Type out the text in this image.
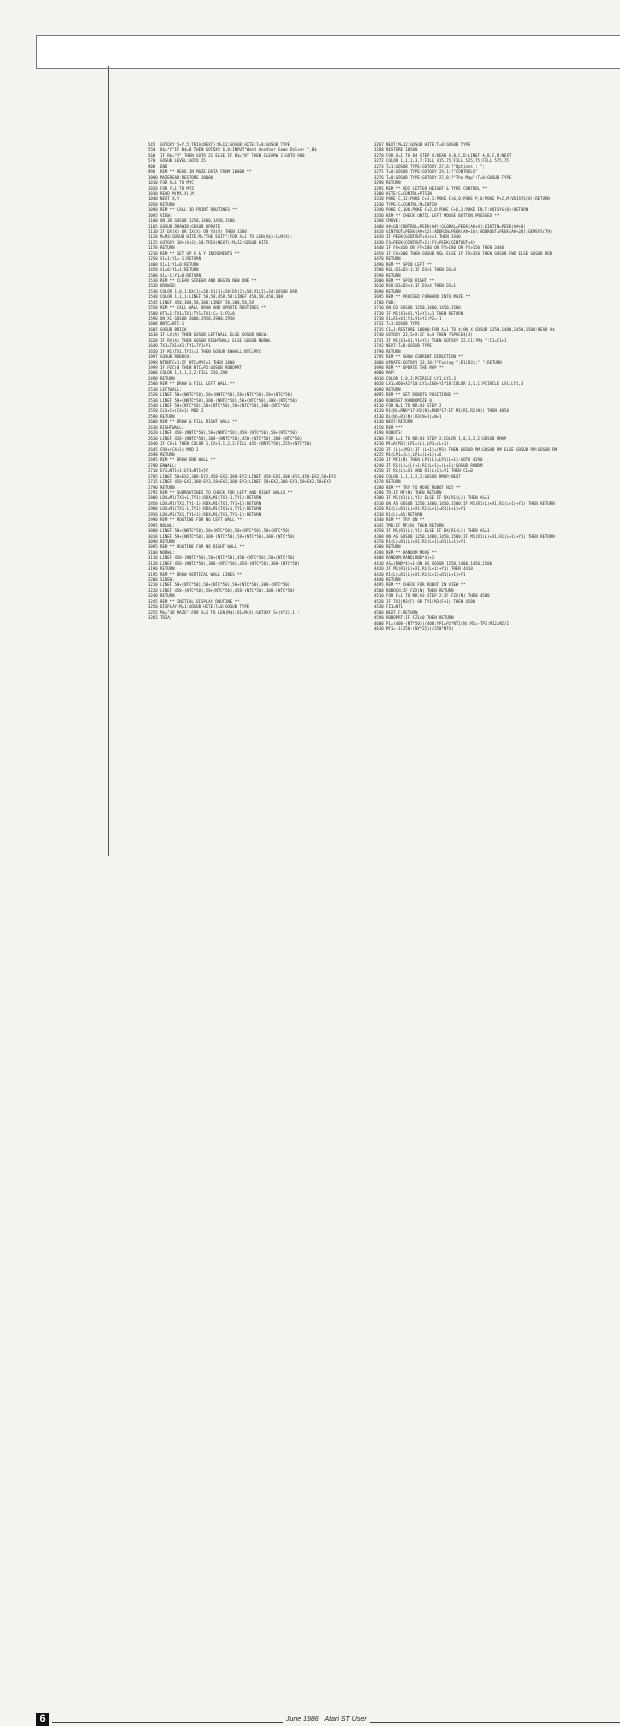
545  GOTOXY 5+Y,5:TRIA(NEXT):M=12:GOSUB HITE:T=8:GOSUB TYPE
550  B$="Y"IF B$=B THEN GOTOXY 6,8:INPUT"Want Another Game Dolver ",B$
560  IF B$="Y" THEN GOTO 21 ELSE IF B$="N" THEN CLEARW 2:GOTO 900
570  GOSUB LEVEL:GOTO 25
900  END
990  REM ** READ IN MAZE DATA FROM 10000 **
1000 MAZEREAD:RESTORE 10000
1010 FOR X=1 TO MYC
1020 FOR Y=1 TO MYZ
1030 READ M(MX,X),M
1040 NEXT X,Y
1050 RETURN
1090 REM ** CALL 3D PRINT ROUTINES **
1095 VIEW:
1100 ON 3D GOSUB 1250,1400,1450,1500
1105 GOSUB DRAW3D:GOSUB UPDATE
1110 IF DX(X) OR IX(X) OR YX(X) THEN 1300
1120 M=M3:GOSUB HITE:M="THE EXIT":FOR X=1 TO LEN(A$):C=M(X):
1125 GOTOXY 18+(X+3),10:TRIA(NEXT):M=12:GOSUB HITE
1170 RETURN
1210 REM ** SET UP X & Y INCREMENTS **
1250 X1=1:Y1=-1:RETURN
1400 X1=1:Y1=0:RETURN
1450 X1=0:Y1=1:RETURN
1500 X1=-1:Y1=0:RETURN
1510 REM ** CLEAR SCREEN AND BEGIN NEW ONE **
1520 DRAW3D:
1530 COLOR 1,0,1:DX(1)=58:X1(1)=58:DX(2)=58:X1(2)=34:GOSUB BAR
1540 COLOR 1,1,1:LINEF 58,58,458,58:LINEF 458,58,458,308
1545 LINEF 458,308,58,308:LINEF 58,308,58,58
1550 REM ** CALL WALL DRAW AND UPDATE ROUTINES **
1580 HT1=1:TX1=TX1:TY1=TX1:C=-1:P2=0
1590 ON X1 GOSUB 2000,2950,2900,2950
1600 NNTC=NTC-1
1605 GOSUB BRICK
1610 IF LX(A) THEN GOSUB LEFTWALL ELSE GOSUB NOLW.
1620 IF RX(A) THEN GOSUB RIGHTWALL ELSE GOSUB NORWL
1640 TX1=TX1+X1:TY1=TY1+Y1
1650 IF M1(TX1,TY1)=1 THEN GOSUB ENWALL:NTC=MYC
1997 GOSUB ROBOCH:
1998 NTDNTC+1:IF NTC=MYC+1 THEN 1800
1999 IF P2C(0 THEN NTC=P2:GOSUB ROBOPRT
2000 COLOR 1,1,1,2,2:FILL 250,290
2490 RETURN
2500 REM ** DRAW & FILL LEFT WALL **
2510 LEFTWALL:
2520 LINEF 58+(NNTC*50),58+(NNTC*50),58+(NTC*50),58+(NTC*50)
2530 LINEF 58+(NNTC*50),308-(NNTC*50),58+(NTC*50),308-(NTC*50)
2540 LINEF 58+(NTC*50),58+(NTC*50),58+(NTC*50),308-(NTC*50)
2550 CLS+1+(CX+1) MOD 2
2590 RETURN
2600 REM ** DRAW & FILL RIGHT WALL **
2610 RIGHTWALL:
2620 LINEF 458-(NNTC*50),58+(NNTC*50),458-(NTC*50),58+(NTC*50)
2630 LINEF 458-(NNTC*50),308-(NNTC*50),458-(NTC*50),308-(NTC*50)
2640 IF CX+1 THEN COLOR 1,CX+1,1,2,2:FILL 445-(NNTC*50),255+(NTC*50)
2645 CRX+(CX+1) MOD 2
2690 RETURN
2695 REM ** DRAW END WALL **
2700 ENWALL:
2710 EY2=NT1+1:EY3=NT1+5Y
2705 LINEF 58+EX2,308-EY2,458-EX2,308-EY2:LINEF 458-EX2,308-EY2,458-EX2,58+EY3
2715 LINEF 458-EX2,308-EY3,58+EX2,308-EY3:LINEF 58+EX2,308-EY3,58+EX2,58+EY2
2790 RETURN
2795 REM ** SUBROUTINES TO CHECK FOR LEFT AND RIGHT WALLS **
2800 LDX=M1(TX1+1,TY1):RDX=M1(TX1-1,TY1):RETURN
2850 LDX=M1(TX1,TY1-1):RDX=M1(TX1,TY1+1):RETURN
2900 LDX=M1(TX1-1,TY1):RDX=M1(TX1+1,TY1):RETURN
2950 LDX=M1(TX1,TY1+1):RDX=M1(TX1,TY1-1):RETURN
2990 REM ** ROUTINE FOR NO LEFT WALL **
2995 NOLWL:
3000 LINEF 58+(NNTC*50),58+(NTC*50),58+(NTC*50),58+(NTC*50)
3010 LINEF 58+(NNTC*50),308-(NTC*50),58+(NTC*50),308-(NTC*50)
3090 RETURN
3095 REM ** ROUTINE FOR NO RIGHT WALL **
3100 NORWL:
3110 LINEF 458-(NNTC*50),58+(NTC*50),458-(NTC*50),58+(NTC*50)
3120 LINEF 458-(NNTC*50),308-(NTC*50),458-(NTC*50),308-(NTC*50)
3190 RETURN
3195 REM ** DRAW VERTICAL WALL LINES **
3200 SIDEW:
3210 LINEF 58+(NTC*50),58+(NTC*50),58+(NTC*50),308-(NTC*50)
3220 LINEF 458-(NTC*50),58+(NTC*50),458-(NTC*50),308-(NTC*50)
3240 RETURN
3245 REM ** INITIAL DISPLAY ROUTINE **
3250 DISPLAY:M=1:GOSUB HITE:T=0:GOSUB TYPE
3255 M$="3D MAZE":FOR X=1 TO LEN(M$):D1=M(X):GOTOXY 5+(X*2),1 :
3265 TRIA;
3267 NEXT:M=12:GOSUB HITE:T=8:GOSUB TYPE
3268 RESTORE 10500
3270 FOR X=1 TO 84 STEP 4:READ A,B,C,D:LINEF A,B,C,D:NEXT
3272 COLOR 1,1,1,3,7:FILL 415,75:FILL 525,75:FILL 575,75
3273 T=1:GOSUB TYPE:GOTOXY 27,6:?"Options : ";
3275 T=8:GOSUB TYPE:GOTOXY 29,1:?"CONTROLS"
3276 T=0:GOSUB TYPE:GOTOXY 27,8:?"The Map":T=0:GOSUB TYPE
3290 RETURN
3295 REM ** VDI LETTER HEIGHT & TYPE CONTROL **
3300 HITE:C=CONTRL+PTSIN
3310 POKE C,12:POKE C+2,1:POKE C+6,0:POKE P,0:POKE P+2,M:VDISYS(0):RETURN
3330 TYPE:C=CONTRL:M=INTIN
3340 POKE C,106:POKE C+2,0:POKE C+6,1:POKE IN,T:VDISYS(0):RETURN
3350 REM ** CHECK UNTIL LEFT MOUSE BUTTON PRESSED **
3360 CMOVE:
3400 A#=GB:CONTROL=PEEK(A#):GLOBAL=PEEK(A#+4):GINTIN=PEEK(A#+8)
3410 GINTOUT=PEEK(A#+12):ADDRIN=PEEK(A#+16):ADDROUT=PEEK(A#+20):GEMSYS(79)
3420 IF PEEK(GINTOUT+4)<>1 THEN 3440
3430 FX=PEEK(GINTOUT+2):FY=PEEK(GINTOUT+4)
3440 IF FX<430 OR FY<180 OR FY>180 OR FY>150 THEN 3440
3450 IF FX>300 THEN GOSUB RGL ELSE IF FX>350 THEN GOSUB FWD ELSE GOSUB RGR
3470 RETURN
3490 REM ** SPIN LEFT **
3500 RGL:D3=D3-1:IF D3<1 THEN D3=4
3590 RETURN
3600 REM ** SPIN RIGHT **
3610 RGR:D3=D3+1:IF D3>4 THEN D3=1
3690 RETURN
3695 REM ** PROCEED FORWARD INTO MAZE **
3700 FWD:
3710 ON D3 GOSUB 1250,1400,1450,1500
3720 IF M1(X1+X1,Y1+Y1)=1 THEN RETURN
3730 X1=X1+X1:Y1=Y1+Y1:P2=-1
3732 T=1:GOSUB TYPE
3735 C1=1:RESTORE 10000:FOR X=1 TO 4:ON X GOSUB 1250,1400,1450,1500:READ A$
3740 GOTOXY 22,5+X:IF X=4 THEN ?SPACE$(3)
3741 IF M1(X1+X1,Y1+Y1) THEN GOTOXY 22,C1:?M$ ":C1=C1+1
3742 NEXT:T=8:GOSUB TYPE
3790 RETURN
3795 REM ** SHOW CURRENT DIRECTION **
3800 UPDATE:GOTOXY 13,18:?"Facing ";D1(D3);" ":RETURN
3990 REM ** UPDATE THE MAP **
4000 MAP:
4010 COLOR 1,0,1:PCIRCLE LY1,LY1,3
4020 LX1=460+X1*10:LY1=160+Y1*10:COLOR 1,1,1:PCIRCLE LX1,LY1,3
4090 RETURN
4095 REM ** SET ROBOTS POSITIONS **
4100 ROBOSET:RANDOMIZE 0
4110 FOR N=1 TO NR:A3 STEP 2
4120 R1(N)=RND*17:R2(N)=RND*17:IF M1(R1,R2(N)) THEN 4050
4130 DL(N)=R1(N):R3(N+1)=N+1
4140 NEXT:RETURN
4150 REM ***
4190 ROBOTS:
4200 FOR L=1 TO NR:A3 STEP 2:COLOR 1,0,1,2,2:GOSUB RMAP
4210 MF=R(M3):LP1=(L),LP1=(L+1)
4220 IF (L)=(M3):IF (L+1)=(M3) THEN GOSUB RM:GOSUB RM ELSE GOSUB RM:GOSUB RM
4225 M1(LP1=(L),LP1=(L+1))=6
4230 IF MF1(N) THEN LP1(L)=LP1(L+1):GOTO 4290
4240 IF R1(L)=(L)+1:R1(L+1)=(L+1):GOSUB RANDM
4250 IF R1(L)=X1 AND R1(L+1)=Y1 THEN C1=0
4260 COLOR 1,1,1,2,2:GOSUB RMAP:NEXT
4270 RETURN
4280 REM ** TRY TO MOVE ROBOT N15 **
4290 TR:IF MF(N) THEN RETURN
4300 IF M1(X1(L),Y1) ELSE IF DX(R1(L)) THEN AS=1
4310 ON AS GOSUB 1250,1400,1450,1500:IF M1(R1(L)+X1,R1(L+1)+Y1) THEN RETURN
4320 R1(L)=R1(L)+X1:R1(L+1)=R1(L+1)+Y1
4330 R1(L)=AS:RETURN
4340 REM ** TRY ON **
4345 TMD:IF MF(N) THEN RETURN
4350 IF M1(R1(L),Y1) ELSE IF DX(R1(L)) THEN AS=3
4360 ON AS GOSUB 1250,1400,1450,1500:IF M1(R1(L)+X1,R1(L+1)+Y1) THEN RETURN
4370 R1(L)=R1(L)+X1:R1(L+1)=R1(L+1)+Y1
4380 RETURN
4390 REM ** RANDOM MOVE **
4400 RANDOM:RAND(RND*4)+1
4410 AS=(RND*4)+1:ON AS GOSUB 1250,1400,1450,1500
4420 IF M1(R1(L)+X1,R1(L+1)+Y1) THEN 4410
4430 R1(L)=R1(L)+X1:R1(L+1)=R1(L+1)+Y1
4440 RETURN
4495 REM ** CHECK FOR ROBOT IN VIEW **
4500 ROBOCH:IF FZX(N) THEN RETURN
4510 FOR F=1 TO NR:A3 STEP 2:IF FZX(N) THEN 4580
4520 IF TX1(M3(F) OR TY1(M3(F+1) THEN 4580
4530 FZ1=NT1
4580 NEXT F:RETURN
4590 ROBOPRT:IF FZ1<0 THEN RETURN
4600 P1=(400-(NT*50))/400:YP1=P2*NT1(N):M1=-TP1:M12=M2/2
4610 MY1=-1(250-(NY*25))/250*NTX)
6	June 1986 Atari ST User
